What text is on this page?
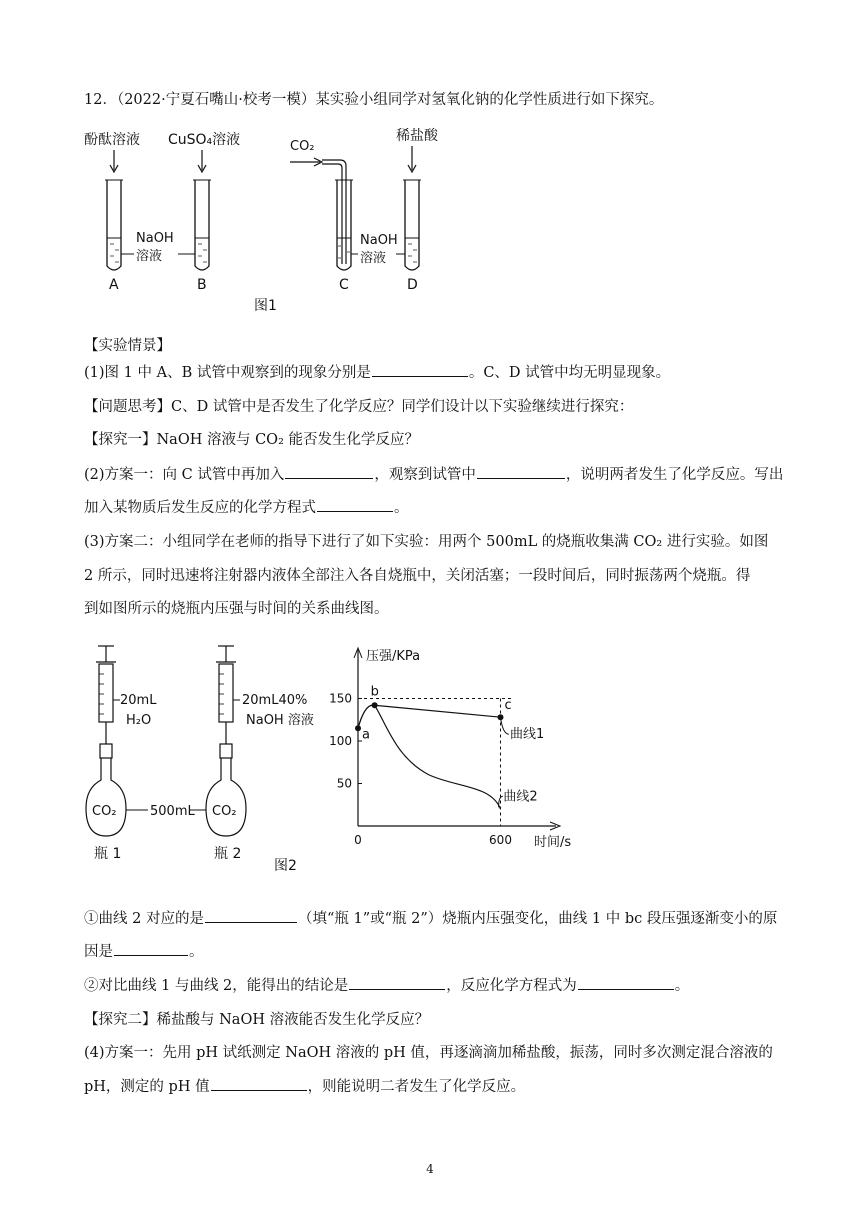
12．（2022·宁夏石嘴山·校考一模）某实验小组同学对氢氧化钠的化学性质进行如下探究。
酚酞溶液 CuSO₄溶液	CO₂
稀盐酸
NaOH
溶液
NaOH
溶液
A	B	C	D
图1
【实验情景】
(1)图 1 中 A、B 试管中观察到的现象分别是	。C、D 试管中均无明显现象。
【问题思考】C、D 试管中是否发生了化学反应？同学们设计以下实验继续进行探究：
【探究一】NaOH 溶液与 CO₂ 能否发生化学反应？
(2)方案一：向 C 试管中再加入	，观察到试管中	，说明两者发生了化学反应。写出
加入某物质后发生反应的化学方程式	。
(3)方案二：小组同学在老师的指导下进行了如下实验：用两个 500mL 的烧瓶收集满 CO₂ 进行实验。如图
2 所示，同时迅速将注射器内液体全部注入各自烧瓶中，关闭活塞；一段时间后，同时振荡两个烧瓶。得
到如图所示的烧瓶内压强与时间的关系曲线图。
20mL
H₂O
CO₂
20mL40%
NaOH 溶液
CO₂
500mL
瓶 1	瓶 2
图2
压强/KPa
时间/s
50
100
150
0	600
a
b
c
曲线1
曲线2
①曲线 2 对应的是	（填“瓶 1”或“瓶 2”）烧瓶内压强变化，曲线 1 中 bc 段压强逐渐变小的原
因是	。
②对比曲线 1 与曲线 2，能得出的结论是	，反应化学方程式为	。
【探究二】稀盐酸与 NaOH 溶液能否发生化学反应？
(4)方案一：先用 pH 试纸测定 NaOH 溶液的 pH 值，再逐滴滴加稀盐酸，振荡，同时多次测定混合溶液的
pH，测定的 pH 值	，则能说明二者发生了化学反应。
4
